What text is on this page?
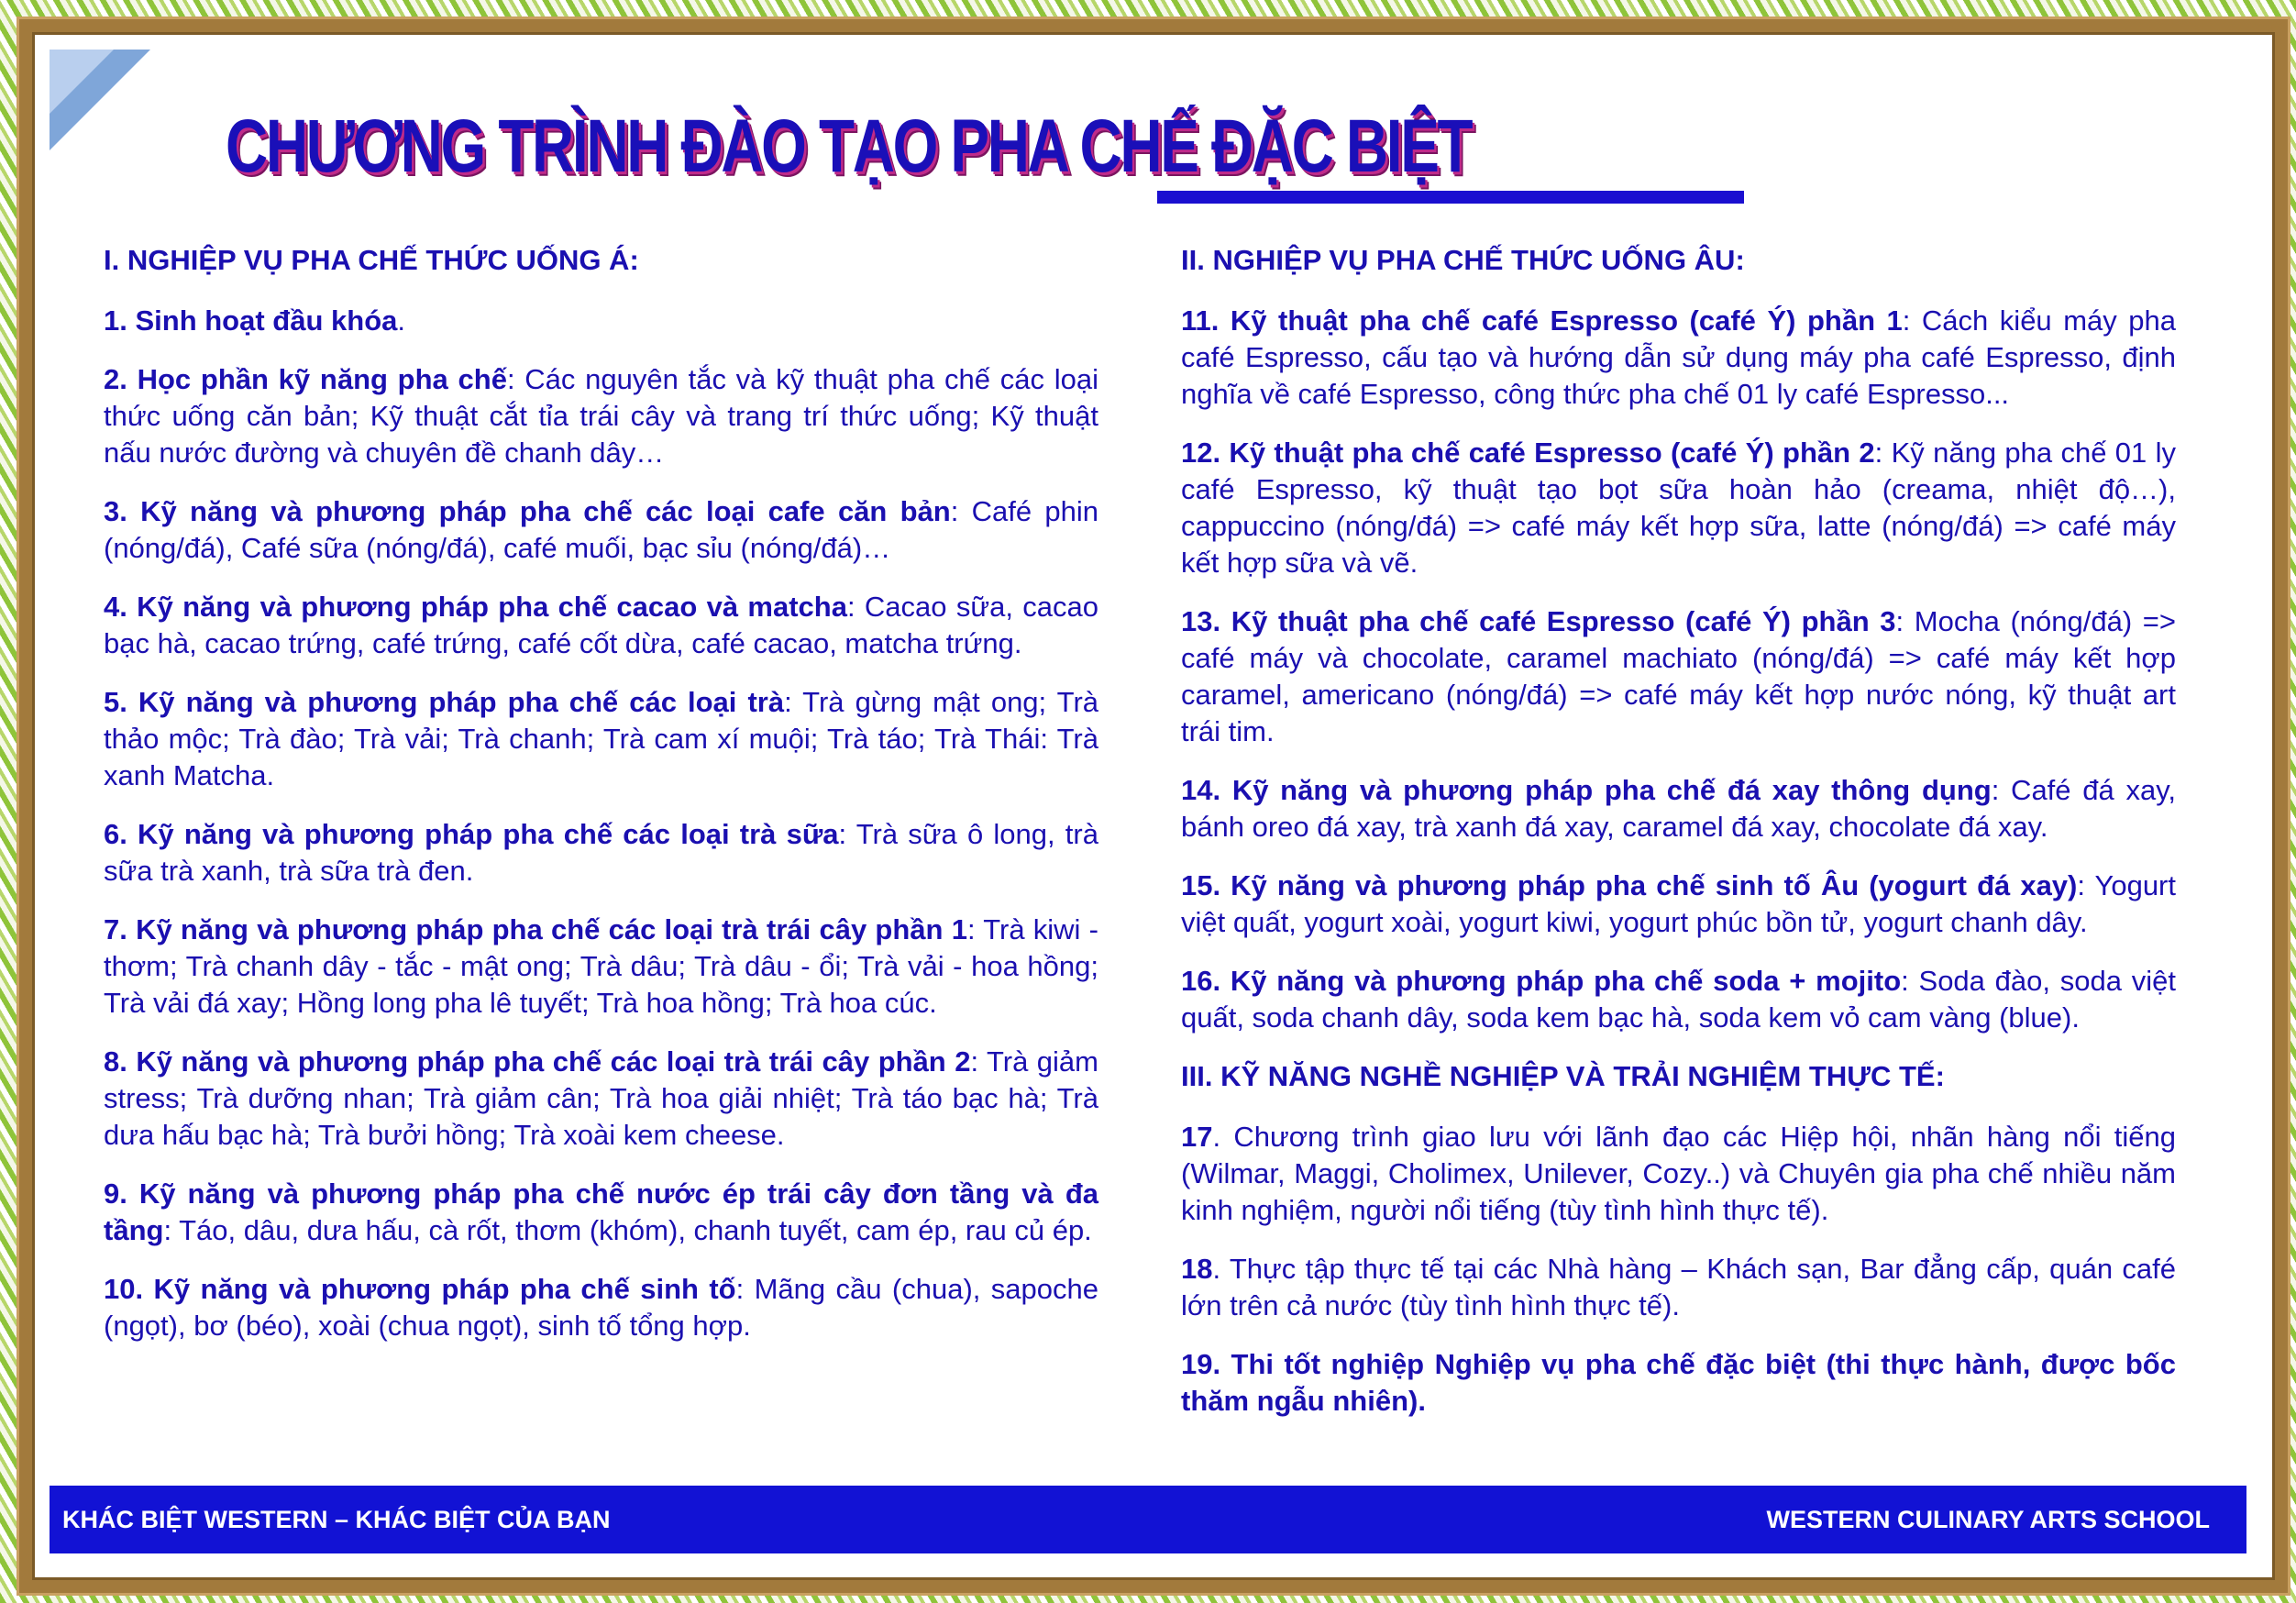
CHƯƠNG TRÌNH ĐÀO TẠO PHA CHẾ ĐẶC BIỆT
I. NGHIỆP VỤ PHA CHẾ THỨC UỐNG Á:
1. Sinh hoạt đầu khóa.
2. Học phần kỹ năng pha chế: Các nguyên tắc và kỹ thuật pha chế các loại thức uống căn bản; Kỹ thuật cắt tỉa trái cây và trang trí thức uống; Kỹ thuật nấu nước đường và chuyên đề chanh dây…
3. Kỹ năng và phương pháp pha chế các loại cafe căn bản: Café phin (nóng/đá), Café sữa (nóng/đá), café muối, bạc sỉu (nóng/đá)…
4. Kỹ năng và phương pháp pha chế cacao và matcha: Cacao sữa, cacao bạc hà, cacao trứng, café trứng, café cốt dừa, café cacao, matcha trứng.
5. Kỹ năng và phương pháp pha chế các loại trà: Trà gừng mật ong; Trà thảo mộc; Trà đào; Trà vải; Trà chanh; Trà cam xí muội; Trà táo; Trà Thái: Trà xanh Matcha.
6. Kỹ năng và phương pháp pha chế các loại trà sữa: Trà sữa ô long, trà sữa trà xanh, trà sữa trà đen.
7. Kỹ năng và phương pháp pha chế các loại trà trái cây phần 1: Trà kiwi - thơm; Trà chanh dây - tắc - mật ong; Trà dâu; Trà dâu - ổi; Trà vải - hoa hồng; Trà vải đá xay; Hồng long pha lê tuyết; Trà hoa hồng; Trà hoa cúc.
8. Kỹ năng và phương pháp pha chế các loại trà trái cây phần 2: Trà giảm stress; Trà dưỡng nhan; Trà giảm cân; Trà hoa giải nhiệt; Trà táo bạc hà; Trà dưa hấu bạc hà; Trà bưởi hồng; Trà xoài kem cheese.
9. Kỹ năng và phương pháp pha chế nước ép trái cây đơn tầng và đa tầng: Táo, dâu, dưa hấu, cà rốt, thơm (khóm), chanh tuyết, cam ép, rau củ ép.
10. Kỹ năng và phương pháp pha chế sinh tố: Mãng cầu (chua), sapoche (ngọt), bơ (béo), xoài (chua ngọt), sinh tố tổng hợp.
II. NGHIỆP VỤ PHA CHẾ THỨC UỐNG ÂU:
11. Kỹ thuật pha chế café Espresso (café Ý) phần 1: Cách kiểu máy pha café Espresso, cấu tạo và hướng dẫn sử dụng máy pha café Espresso, định nghĩa về café Espresso, công thức pha chế 01 ly café Espresso...
12. Kỹ thuật pha chế café Espresso (café Ý) phần 2: Kỹ năng pha chế 01 ly café Espresso, kỹ thuật tạo bọt sữa hoàn hảo (creama, nhiệt độ…), cappuccino (nóng/đá) => café máy kết hợp sữa, latte (nóng/đá) => café máy kết hợp sữa và vẽ.
13. Kỹ thuật pha chế café Espresso (café Ý) phần 3: Mocha (nóng/đá) => café máy và chocolate, caramel machiato (nóng/đá) => café máy kết hợp caramel, americano (nóng/đá) => café máy kết hợp nước nóng, kỹ thuật art trái tim.
14. Kỹ năng và phương pháp pha chế đá xay thông dụng: Café đá xay, bánh oreo đá xay, trà xanh đá xay, caramel đá xay, chocolate đá xay.
15. Kỹ năng và phương pháp pha chế sinh tố Âu (yogurt đá xay): Yogurt việt quất, yogurt xoài, yogurt kiwi, yogurt phúc bồn tử, yogurt chanh dây.
16. Kỹ năng và phương pháp pha chế soda + mojito: Soda đào, soda việt quất, soda chanh dây, soda kem bạc hà, soda kem vỏ cam vàng (blue).
III. KỸ NĂNG NGHỀ NGHIỆP VÀ TRẢI NGHIỆM THỰC TẾ:
17. Chương trình giao lưu với lãnh đạo các Hiệp hội, nhãn hàng nổi tiếng (Wilmar, Maggi, Cholimex, Unilever, Cozy..) và Chuyên gia pha chế nhiều năm kinh nghiệm, người nổi tiếng (tùy tình hình thực tế).
18. Thực tập thực tế tại các Nhà hàng – Khách sạn, Bar đẳng cấp, quán café lớn trên cả nước (tùy tình hình thực tế).
19. Thi tốt nghiệp Nghiệp vụ pha chế đặc biệt (thi thực hành, được bốc thăm ngẫu nhiên).
KHÁC BIỆT WESTERN – KHÁC BIỆT CỦA BẠN	WESTERN CULINARY ARTS SCHOOL
